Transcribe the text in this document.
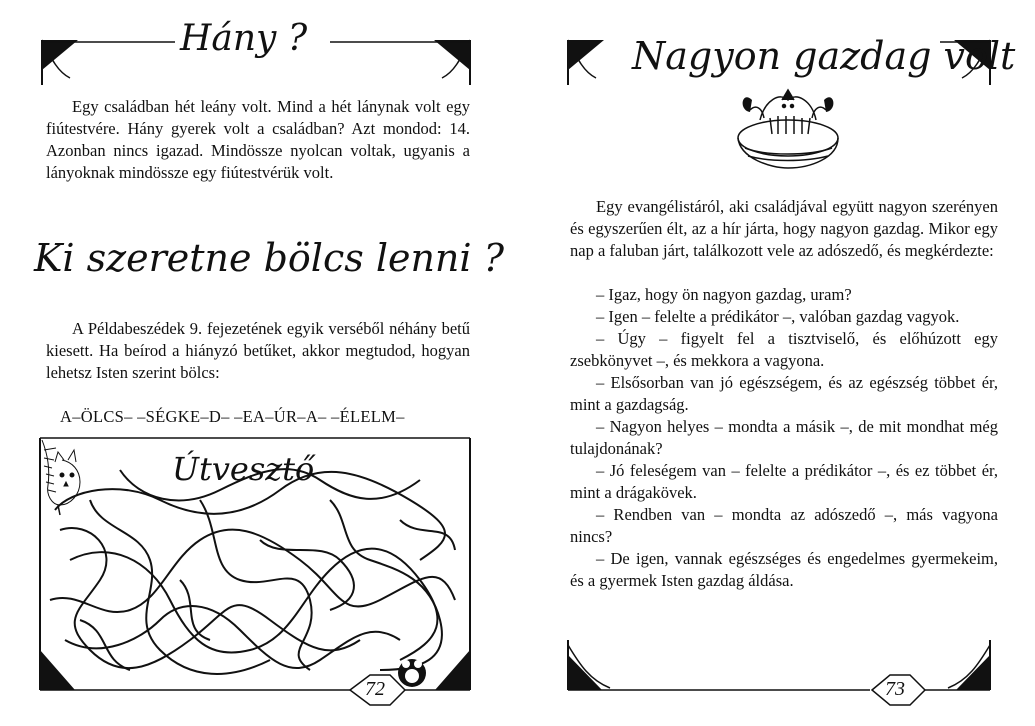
Hány ?

Egy családban hét leány volt. Mind a hét lánynak volt egy fiútestvére. Hány gyerek volt a családban? Azt mondod: 14. Azonban nincs igazad. Mindössze nyolcan voltak, ugyanis a lányoknak mindössze egy fiútestvérük volt.

Ki szeretne bölcs lenni ?

A Példabeszédek 9. fejezetének egyik verséből néhány betű kiesett. Ha beírod a hiányzó betűket, akkor megtudod, hogyan lehetsz Isten szerint bölcs:

A–ÖLCS– –SÉGKE–D– –EA–ÚR–A– –ÉLELM–
Útvesztő
72
Nagyon gazdag volt

Egy evangélistáról, aki családjával együtt nagyon szerényen és egyszerűen élt, az a hír járta, hogy nagyon gazdag. Mikor egy nap a faluban járt, találkozott vele az adószedő, és megkérdezte:

– Igaz, hogy ön nagyon gazdag, uram?

– Igen – felelte a prédikátor –, valóban gazdag vagyok.

– Úgy – figyelt fel a tisztviselő, és előhúzott egy zsebkönyvet –, és mekkora a vagyona.

– Elsősorban van jó egészségem, és az egészség többet ér, mint a gazdagság.

– Nagyon helyes – mondta a másik –, de mit mondhat még tulajdonának?

– Jó feleségem van – felelte a prédikátor –, és ez többet ér, mint a drágakövek.

– Rendben van – mondta az adószedő –, más vagyona nincs?

– De igen, vannak egészséges és engedelmes gyermekeim, és a gyermek Isten gazdag áldása.

73
